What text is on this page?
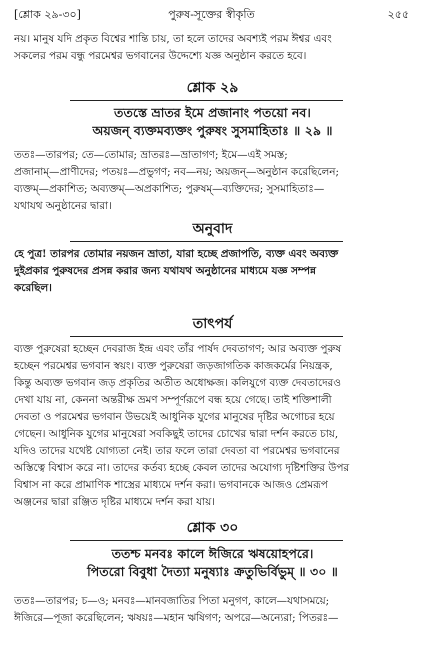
[শ্লোক ২৯-৩০]	পুরুষ-সূক্তের স্বীকৃতি	২৫৫
নয়। মানুষ যদি প্রকৃত বিশ্বের শান্তি চায়, তা হলে তাদের অবশ্যই পরম ঈশ্বর এবং
সকলের পরম বন্ধু পরমেশ্বর ভগবানের উদ্দেশ্যে যজ্ঞ অনুষ্ঠান করতে হবে।
শ্লোক ২৯
ততস্তে ভ্রাতর ইমে প্রজানাং পতয়ো নব।
অয়জন্ ব্যক্তমব্যক্তং পুরুষং সুসমাহিতাঃ ॥ ২৯ ॥
ততঃ—তারপর; তে—তোমার; ভ্রাতরঃ—ভ্রাতাগণ; ইমে—এই সমস্ত;
প্রজানাম্—প্রাণীদের; পতয়ঃ—প্রভুগণ; নব—নয়; অয়জন্—অনুষ্ঠান করেছিলেন;
ব্যক্তম্—প্রকাশিত; অব্যক্তম্—অপ্রকাশিত; পুরুষম্—ব্যক্তিদের; সুসমাহিতাঃ—
যথাযথ অনুষ্ঠানের দ্বারা।
অনুবাদ
হে পুত্র! তারপর তোমার নয়জন ভ্রাতা, যারা হচ্ছে প্রজাপতি, ব্যক্ত এবং অব্যক্ত
দুইপ্রকার পুরুষদের প্রসন্ন করার জন্য যথাযথ অনুষ্ঠানের মাধ্যমে যজ্ঞ সম্পন্ন
করেছিল।
তাৎপর্য
ব্যক্ত পুরুষেরা হচ্ছেন দেবরাজ ইন্দ্র এবং তাঁর পার্ষদ দেবতাগণ; আর অব্যক্ত পুরুষ
হচ্ছেন পরমেশ্বর ভগবান স্বয়ং। ব্যক্ত পুরুষেরা জড়জাগতিক কাজকর্মের নিয়ন্ত্রক,
কিন্তু অব্যক্ত ভগবান জড় প্রকৃতির অতীত অধোক্ষজ। কলিযুগে ব্যক্ত দেবতাদেরও
দেখা যায় না, কেননা অন্তরীক্ষ ভ্রমণ সম্পূর্ণরূপে বন্ধ হয়ে গেছে। তাই শক্তিশালী
দেবতা ও পরমেশ্বর ভগবান উভয়েই আধুনিক যুগের মানুষের দৃষ্টির অগোচর হয়ে
গেছেন। আধুনিক যুগের মানুষেরা সবকিছুই তাদের চোখের দ্বারা দর্শন করতে চায়,
যদিও তাদের যথেষ্ট যোগ্যতা নেই। তার ফলে তারা দেবতা বা পরমেশ্বর ভগবানের
অস্তিত্বে বিশ্বাস করে না। তাদের কর্তব্য হচ্ছে কেবল তাদের অযোগ্য দৃষ্টিশক্তির উপর
বিশ্বাস না করে প্রামাণিক শাস্ত্রের মাধ্যমে দর্শন করা। ভগবানকে আজও প্রেমরূপ
অঞ্জনের দ্বারা রঞ্জিত দৃষ্টির মাধ্যমে দর্শন করা যায়।
শ্লোক ৩০
ততশ্চ মনবঃ কালে ঈজিরে ঋষয়োহপরে।
পিতরো বিবুধা দৈত্যা মনুষ্যাঃ ক্রতুভির্বিভুম্ ॥ ৩০ ॥
ততঃ—তারপর; চ—ও; মনবঃ—মানবজাতির পিতা মনুগণ, কালে—যথাসময়ে;
ঈজিরে—পূজা করেছিলেন; ঋষয়ঃ—মহান ঋষিগণ; অপরে—অন্যেরা; পিতরঃ—
